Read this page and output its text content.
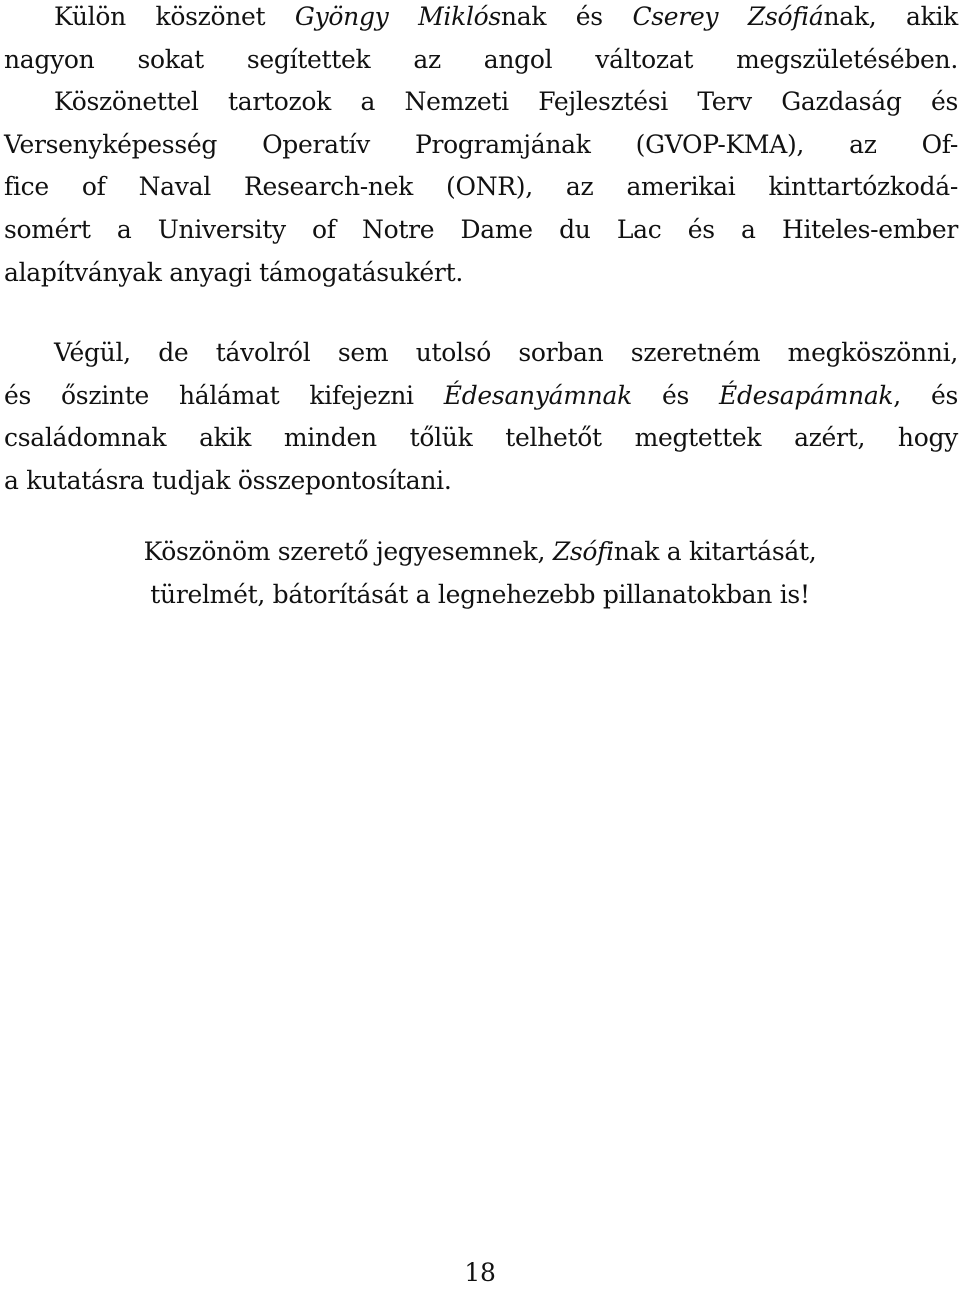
Külön köszönet Gyöngy Miklósnak és Cserey Zsófiának, akik
nagyon sokat segítettek az angol változat megszületésében.
Köszönettel tartozok a Nemzeti Fejlesztési Terv Gazdaság és
Versenyképesség Operatív Programjának (GVOP-KMA), az Of-
fice of Naval Research-nek (ONR), az amerikai kinttartózkodá-
somért a University of Notre Dame du Lac és a Hiteles-ember
alapítványak anyagi támogatásukért.

Végül, de távolról sem utolsó sorban szeretném megköszönni,
és őszinte hálámat kifejezni Édesanyámnak és Édesapámnak, és
családomnak akik minden tőlük telhetőt megtettek azért, hogy
a kutatásra tudjak összepontosítani.

Köszönöm szerető jegyesemnek, Zsófinak a kitartását,
türelmét, bátorítását a legnehezebb pillanatokban is!

18
